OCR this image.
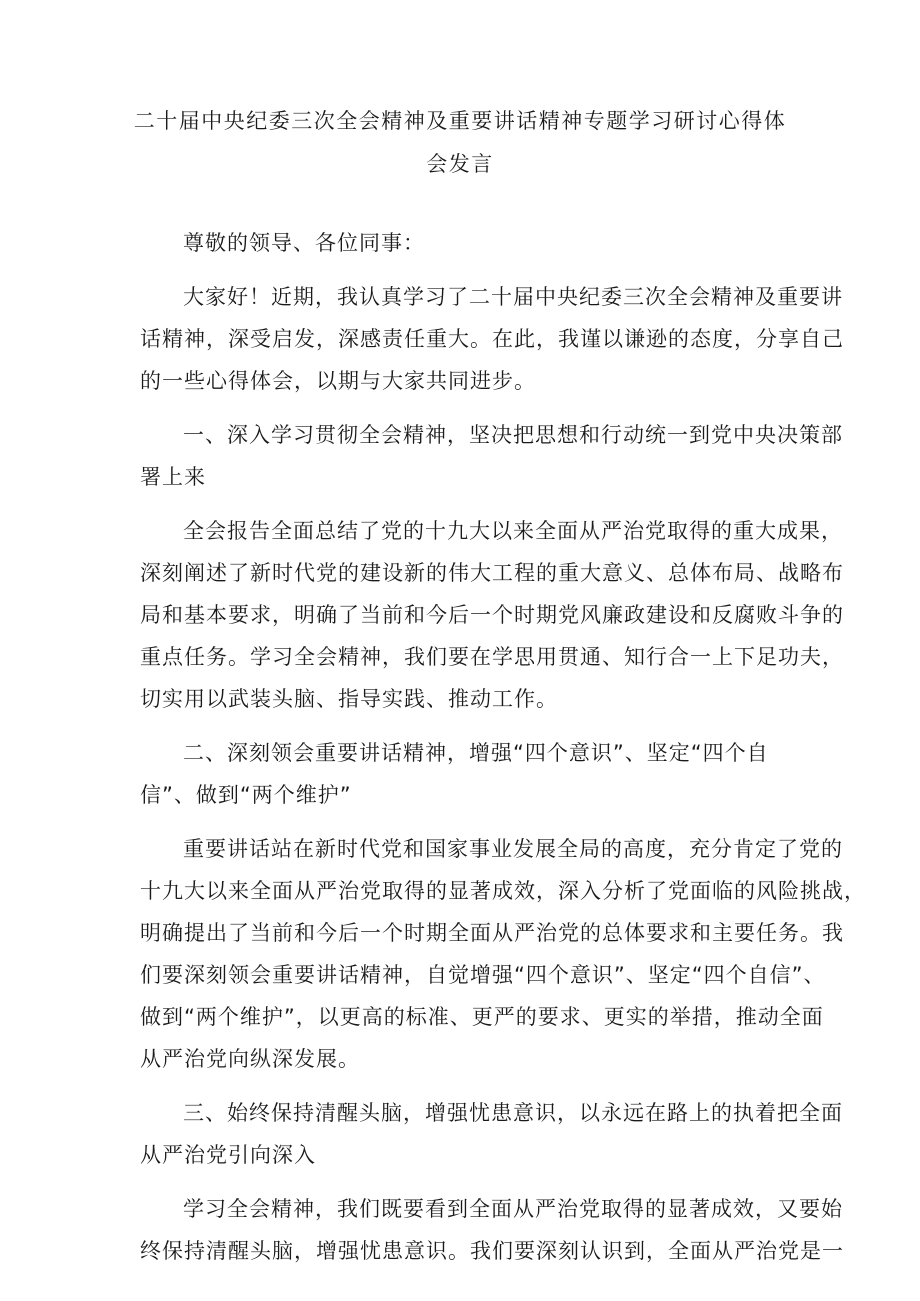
二十届中央纪委三次全会精神及重要讲话精神专题学习研讨心得体
会发言
尊敬的领导、各位同事：
大家好！近期，我认真学习了二十届中央纪委三次全会精神及重要讲
话精神，深受启发，深感责任重大。在此，我谨以谦逊的态度，分享自己
的一些心得体会，以期与大家共同进步。
一、深入学习贯彻全会精神，坚决把思想和行动统一到党中央决策部
署上来
全会报告全面总结了党的十九大以来全面从严治党取得的重大成果，
深刻阐述了新时代党的建设新的伟大工程的重大意义、总体布局、战略布
局和基本要求，明确了当前和今后一个时期党风廉政建设和反腐败斗争的
重点任务。学习全会精神，我们要在学思用贯通、知行合一上下足功夫，
切实用以武装头脑、指导实践、推动工作。
二、深刻领会重要讲话精神，增强“四个意识”、坚定“四个自
信”、做到“两个维护”
重要讲话站在新时代党和国家事业发展全局的高度，充分肯定了党的
十九大以来全面从严治党取得的显著成效，深入分析了党面临的风险挑战，
明确提出了当前和今后一个时期全面从严治党的总体要求和主要任务。我
们要深刻领会重要讲话精神，自觉增强“四个意识”、坚定“四个自信”、
做到“两个维护”，以更高的标准、更严的要求、更实的举措，推动全面
从严治党向纵深发展。
三、始终保持清醒头脑，增强忧患意识，以永远在路上的执着把全面
从严治党引向深入
学习全会精神，我们既要看到全面从严治党取得的显著成效，又要始
终保持清醒头脑，增强忧患意识。我们要深刻认识到，全面从严治党是一
